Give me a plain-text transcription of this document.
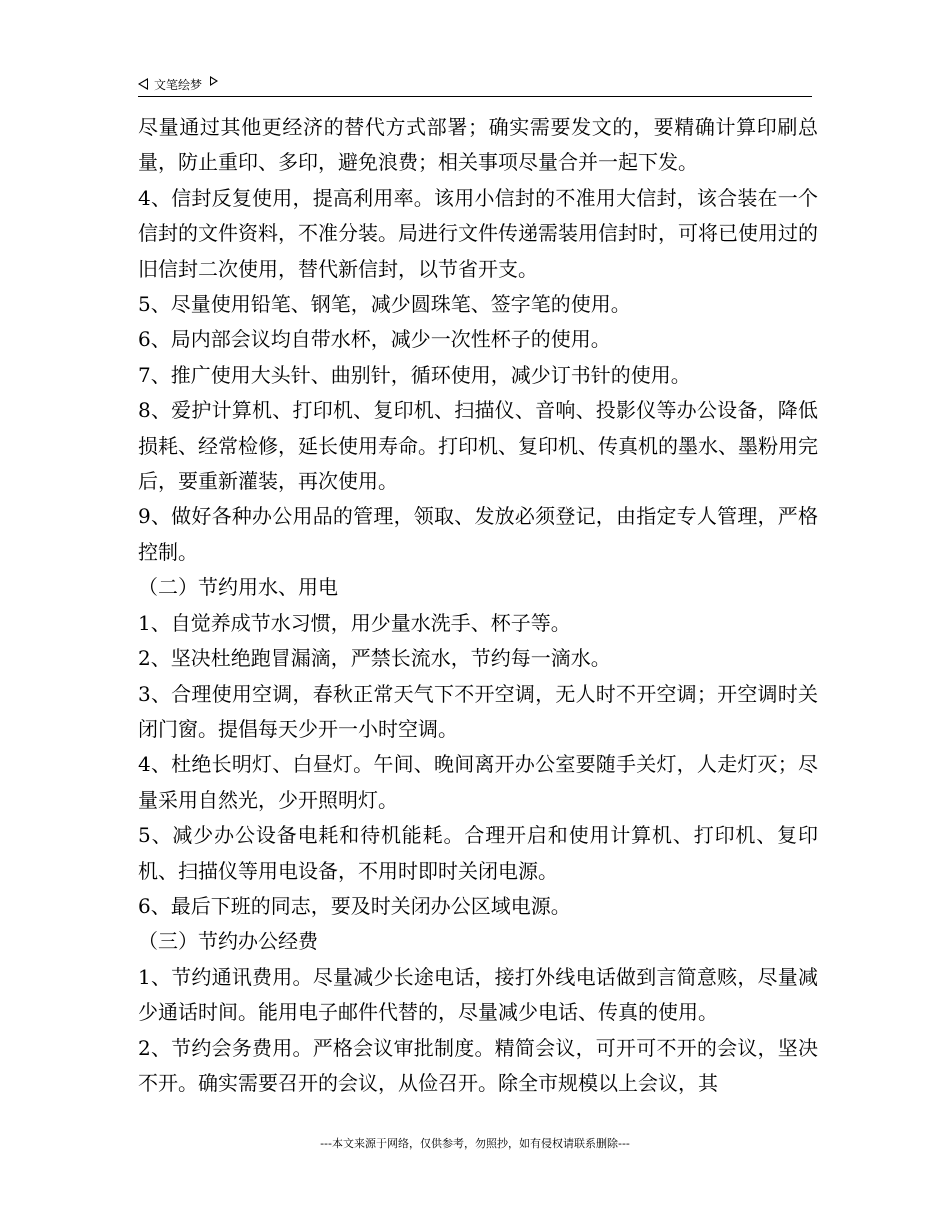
文笔绘梦

尽量通过其他更经济的替代方式部署；确实需要发文的，要精确计算印刷总量，防止重印、多印，避免浪费；相关事项尽量合并一起下发。

4、信封反复使用，提高利用率。该用小信封的不准用大信封，该合装在一个信封的文件资料，不准分装。局进行文件传递需装用信封时，可将已使用过的旧信封二次使用，替代新信封，以节省开支。

5、尽量使用铅笔、钢笔，减少圆珠笔、签字笔的使用。

6、局内部会议均自带水杯，减少一次性杯子的使用。

7、推广使用大头针、曲别针，循环使用，减少订书针的使用。

8、爱护计算机、打印机、复印机、扫描仪、音响、投影仪等办公设备，降低损耗、经常检修，延长使用寿命。打印机、复印机、传真机的墨水、墨粉用完后，要重新灌装，再次使用。

9、做好各种办公用品的管理，领取、发放必须登记，由指定专人管理，严格控制。

（二）节约用水、用电

1、自觉养成节水习惯，用少量水洗手、杯子等。

2、坚决杜绝跑冒漏滴，严禁长流水，节约每一滴水。

3、合理使用空调，春秋正常天气下不开空调，无人时不开空调；开空调时关闭门窗。提倡每天少开一小时空调。

4、杜绝长明灯、白昼灯。午间、晚间离开办公室要随手关灯，人走灯灭；尽量采用自然光，少开照明灯。

5、减少办公设备电耗和待机能耗。合理开启和使用计算机、打印机、复印机、扫描仪等用电设备，不用时即时关闭电源。

6、最后下班的同志，要及时关闭办公区域电源。

（三）节约办公经费

1、节约通讯费用。尽量减少长途电话，接打外线电话做到言简意赅，尽量减少通话时间。能用电子邮件代替的，尽量减少电话、传真的使用。

2、节约会务费用。严格会议审批制度。精简会议，可开可不开的会议，坚决不开。确实需要召开的会议，从俭召开。除全市规模以上会议，其

---本文来源于网络，仅供参考，勿照抄，如有侵权请联系删除---
